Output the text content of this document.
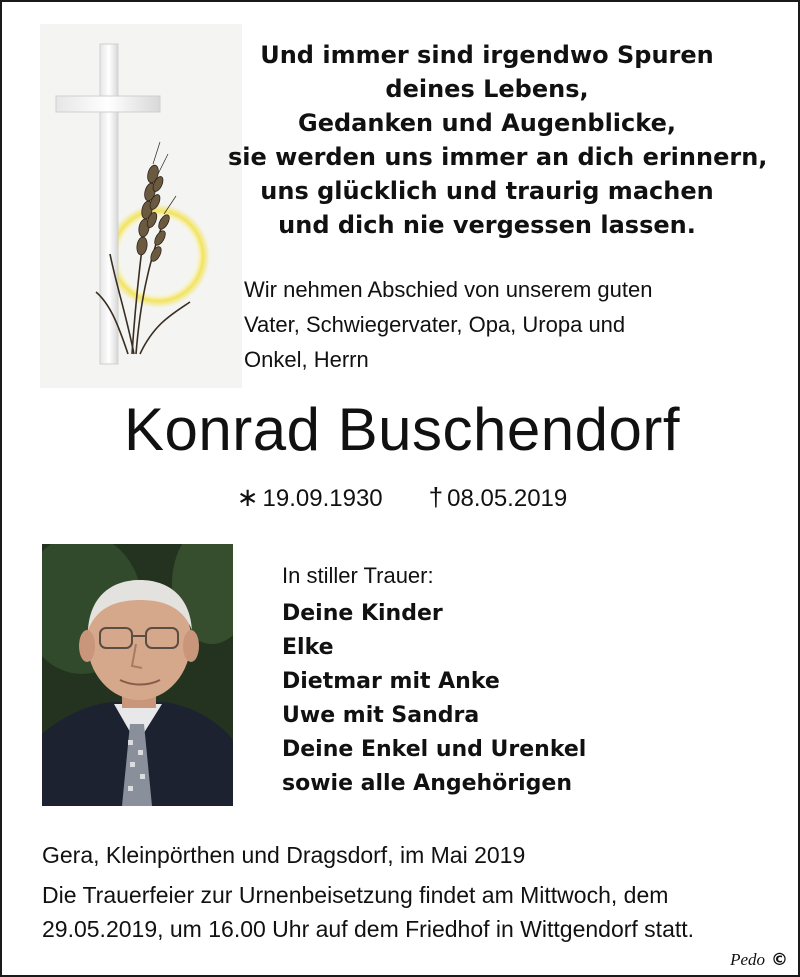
Und immer sind irgendwo Spuren
deines Lebens,
Gedanken und Augenblicke,
sie werden uns immer an dich erinnern,
uns glücklich und traurig machen
und dich nie vergessen lassen.
Wir nehmen Abschied von unserem guten
Vater, Schwiegervater, Opa, Uropa und
Onkel, Herrn
Konrad Buschendorf
∗ 19.09.1930 † 08.05.2019
In stiller Trauer:
Deine Kinder
Elke
Dietmar mit Anke
Uwe mit Sandra
Deine Enkel und Urenkel
sowie alle Angehörigen
Gera, Kleinpörthen und Dragsdorf, im Mai 2019
Die Trauerfeier zur Urnenbeisetzung findet am Mittwoch, dem
29.05.2019, um 16.00 Uhr auf dem Friedhof in Wittgendorf statt.
Pedo ©
